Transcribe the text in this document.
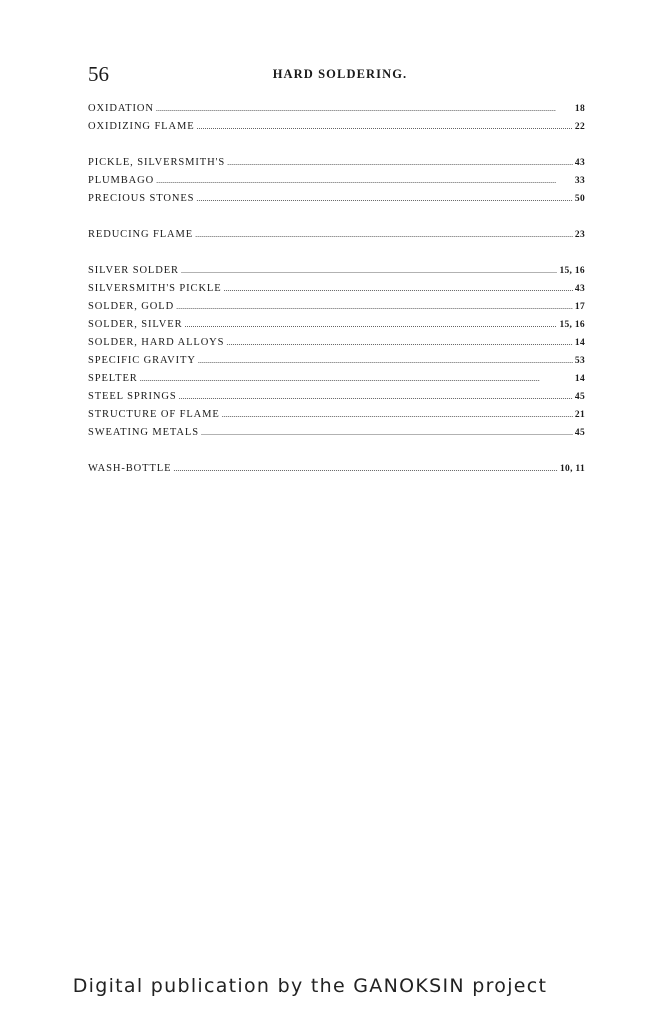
56	HARD SOLDERING.
OXIDATION .....	18
OXIDIZING FLAME .....	22
PICKLE, SILVERSMITH'S .....	43
PLUMBAGO .....	33
PRECIOUS STONES .....	50
REDUCING FLAME .....	23
SILVER SOLDER .....	15, 16
SILVERSMITH'S PICKLE .....	43
SOLDER, GOLD .....	17
SOLDER, SILVER .....	15, 16
SOLDER, HARD ALLOYS .....	14
SPECIFIC GRAVITY .....	53
SPELTER .....	14
STEEL SPRINGS .....	45
STRUCTURE OF FLAME .....	21
SWEATING METALS .....	45
WASH-BOTTLE .....	10, 11
Digital publication by the GANOKSIN project
